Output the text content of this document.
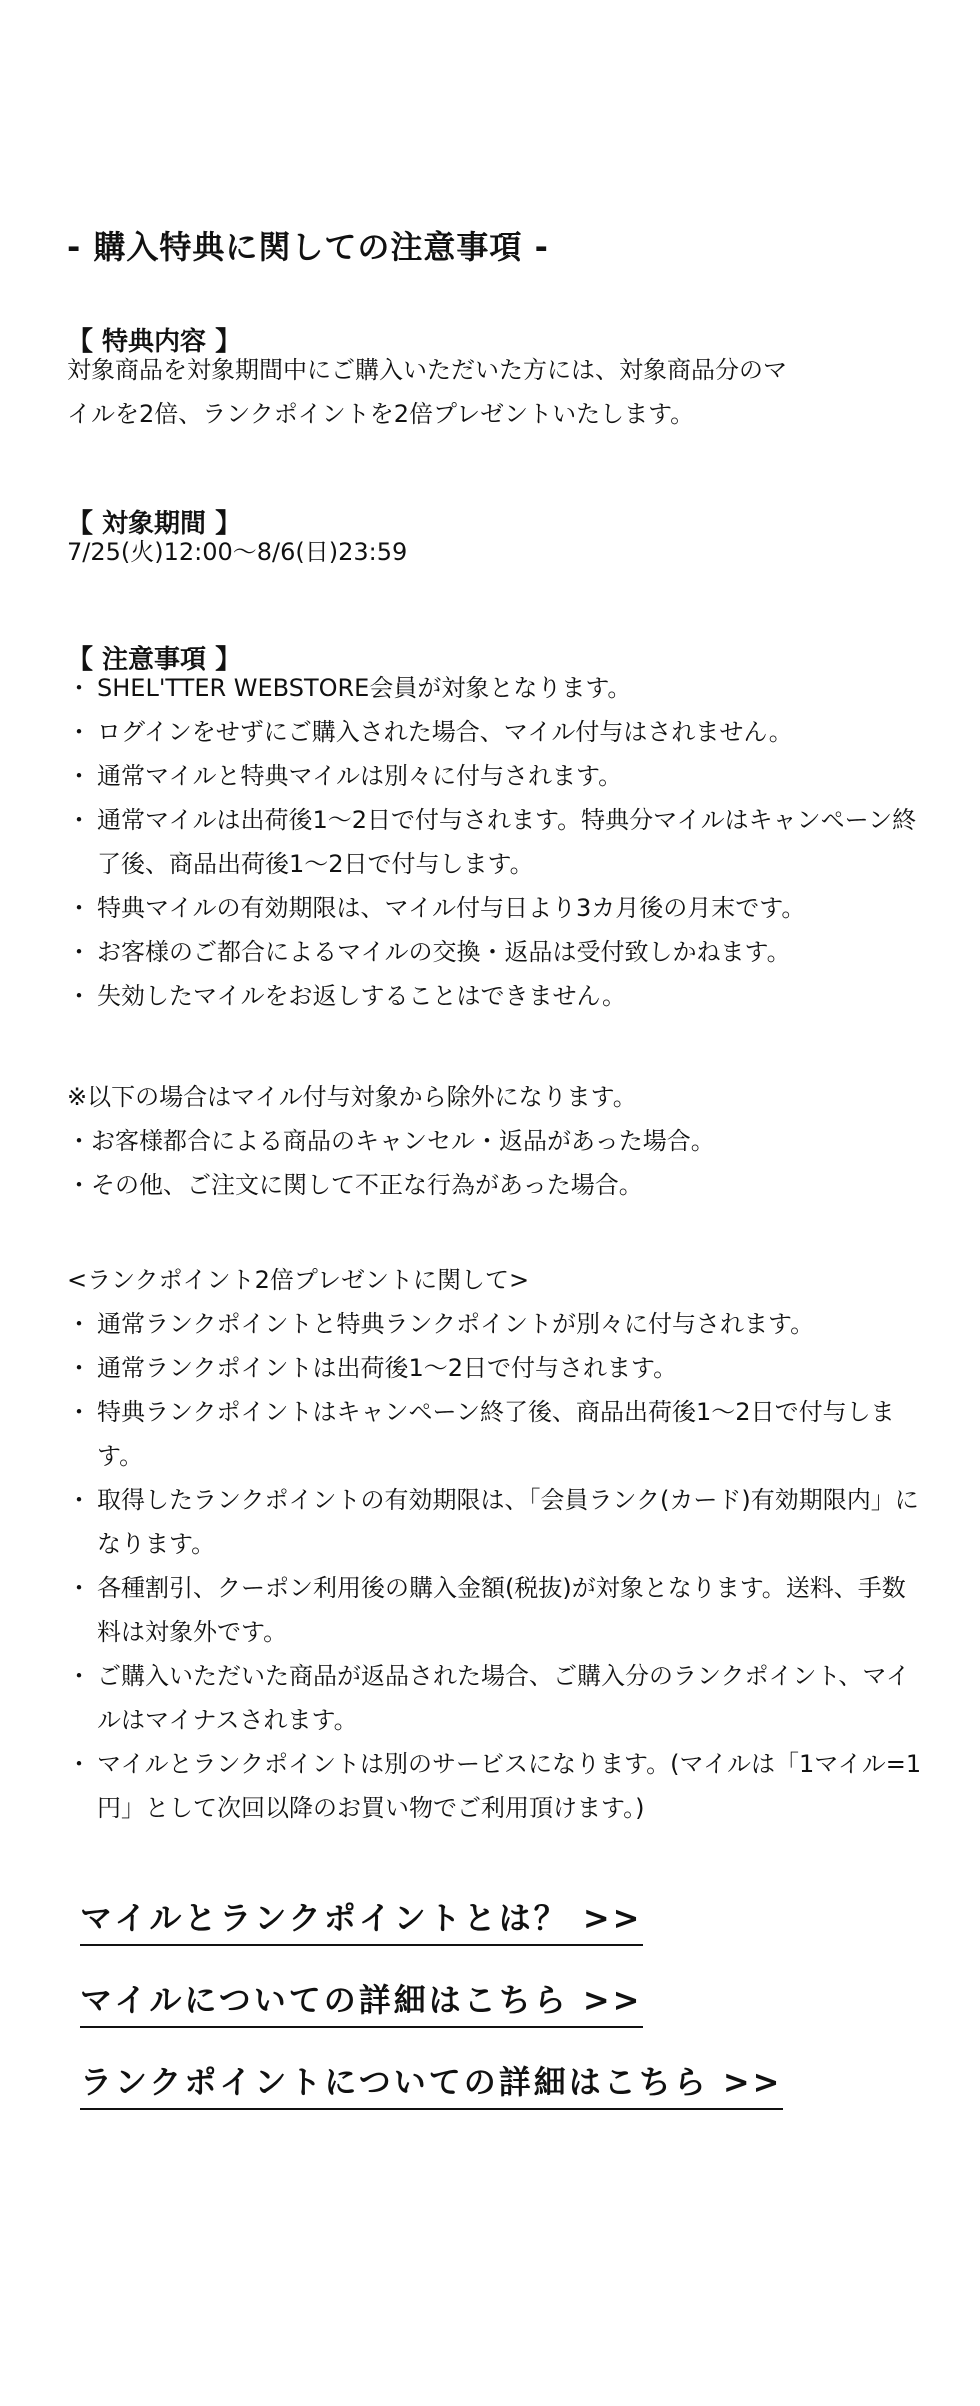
- 購入特典に関しての注意事項 -
【 特典内容 】

対象商品を対象期間中にご購入いただいた方には、対象商品分のマ

イルを2倍、ランクポイントを2倍プレゼントいたします。

【 対象期間 】

7/25(火)12:00〜8/6(日)23:59

【 注意事項 】
・ SHEL'TTER WEBSTORE会員が対象となります。
・ ログインをせずにご購入された場合、マイル付与はされません。
・ 通常マイルと特典マイルは別々に付与されます。
・ 通常マイルは出荷後1〜2日で付与されます。特典分マイルはキャンペーン終了後、商品出荷後1〜2日で付与します。
・ 特典マイルの有効期限は、マイル付与日より3カ月後の月末です。
・ お客様のご都合によるマイルの交換・返品は受付致しかねます。
・ 失効したマイルをお返しすることはできません。

※以下の場合はマイル付与対象から除外になります。

・お客様都合による商品のキャンセル・返品があった場合。

・その他、ご注文に関して不正な行為があった場合。

<ランクポイント2倍プレゼントに関して>

・ 通常ランクポイントと特典ランクポイントが別々に付与されます。
・ 通常ランクポイントは出荷後1〜2日で付与されます。
・ 特典ランクポイントはキャンペーン終了後、商品出荷後1〜2日で付与します。
・ 取得したランクポイントの有効期限は、「会員ランク(カード)有効期限内」になります。
・ 各種割引、クーポン利用後の購入金額(税抜)が対象となります。送料、手数料は対象外です。
・ ご購入いただいた商品が返品された場合、ご購入分のランクポイント、マイルはマイナスされます。
・ マイルとランクポイントは別のサービスになります。(マイルは「1マイル=1円」として次回以降のお買い物でご利用頂けます。)
マイルとランクポイントとは？ >>
マイルについての詳細はこちら >>
ランクポイントについての詳細はこちら >>
